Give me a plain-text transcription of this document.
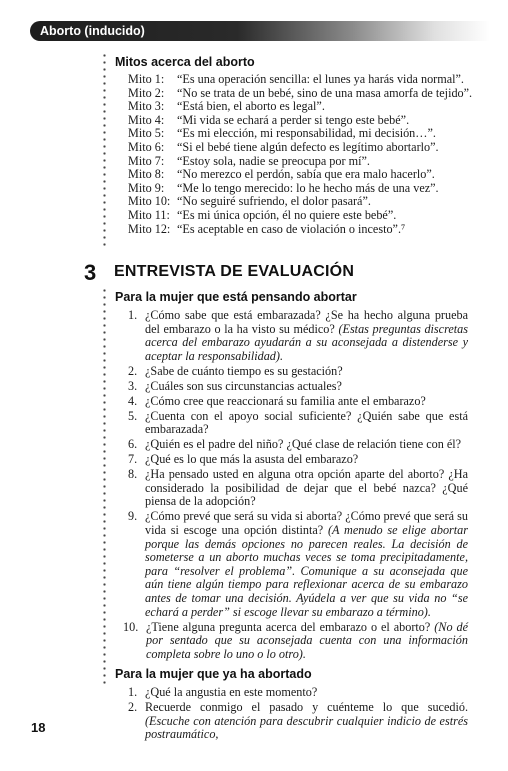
Aborto (inducido)
Mitos acerca del aborto
Mito 1: “Es una operación sencilla: el lunes ya harás vida normal”.
Mito 2: “No se trata de un bebé, sino de una masa amorfa de tejido”.
Mito 3: “Está bien, el aborto es legal”.
Mito 4: “Mi vida se echará a perder si tengo este bebé”.
Mito 5: “Es mi elección, mi responsabilidad, mi decisión…”.
Mito 6: “Si el bebé tiene algún defecto es legítimo abortarlo”.
Mito 7: “Estoy sola, nadie se preocupa por mí”.
Mito 8: “No merezco el perdón, sabía que era malo hacerlo”.
Mito 9: “Me lo tengo merecido: lo he hecho más de una vez”.
Mito 10: “No seguiré sufriendo, el dolor pasará”.
Mito 11: “Es mi única opción, él no quiere este bebé”.
Mito 12: “Es aceptable en caso de violación o incesto”.⁷
3 ENTREVISTA DE EVALUACIÓN
Para la mujer que está pensando abortar
1. ¿Cómo sabe que está embarazada? ¿Se ha hecho alguna prueba del embarazo o la ha visto su médico? (Estas preguntas discretas acerca del embarazo ayudarán a su aconsejada a distenderse y aceptar la responsabilidad).
2. ¿Sabe de cuánto tiempo es su gestación?
3. ¿Cuáles son sus circunstancias actuales?
4. ¿Cómo cree que reaccionará su familia ante el embarazo?
5. ¿Cuenta con el apoyo social suficiente? ¿Quién sabe que está embarazada?
6. ¿Quién es el padre del niño? ¿Qué clase de relación tiene con él?
7. ¿Qué es lo que más la asusta del embarazo?
8. ¿Ha pensado usted en alguna otra opción aparte del aborto? ¿Ha considerado la posibilidad de dejar que el bebé nazca? ¿Qué piensa de la adopción?
9. ¿Cómo prevé que será su vida si aborta? ¿Cómo prevé que será su vida si escoge una opción distinta? (A menudo se elige abortar porque las demás opciones no parecen reales. La decisión de someterse a un aborto muchas veces se toma precipitadamente, para “resolver el problema”. Comunique a su aconsejada que aún tiene algún tiempo para reflexionar acerca de su embarazo antes de tomar una decisión. Ayúdela a ver que su vida no “se echará a perder” si escoge llevar su embarazo a término).
10. ¿Tiene alguna pregunta acerca del embarazo o el aborto? (No dé por sentado que su aconsejada cuenta con una información completa sobre lo uno o lo otro).
Para la mujer que ya ha abortado
1. ¿Qué la angustia en este momento?
2. Recuerde conmigo el pasado y cuénteme lo que sucedió. (Escuche con atención para descubrir cualquier indicio de estrés postraumático,
18
